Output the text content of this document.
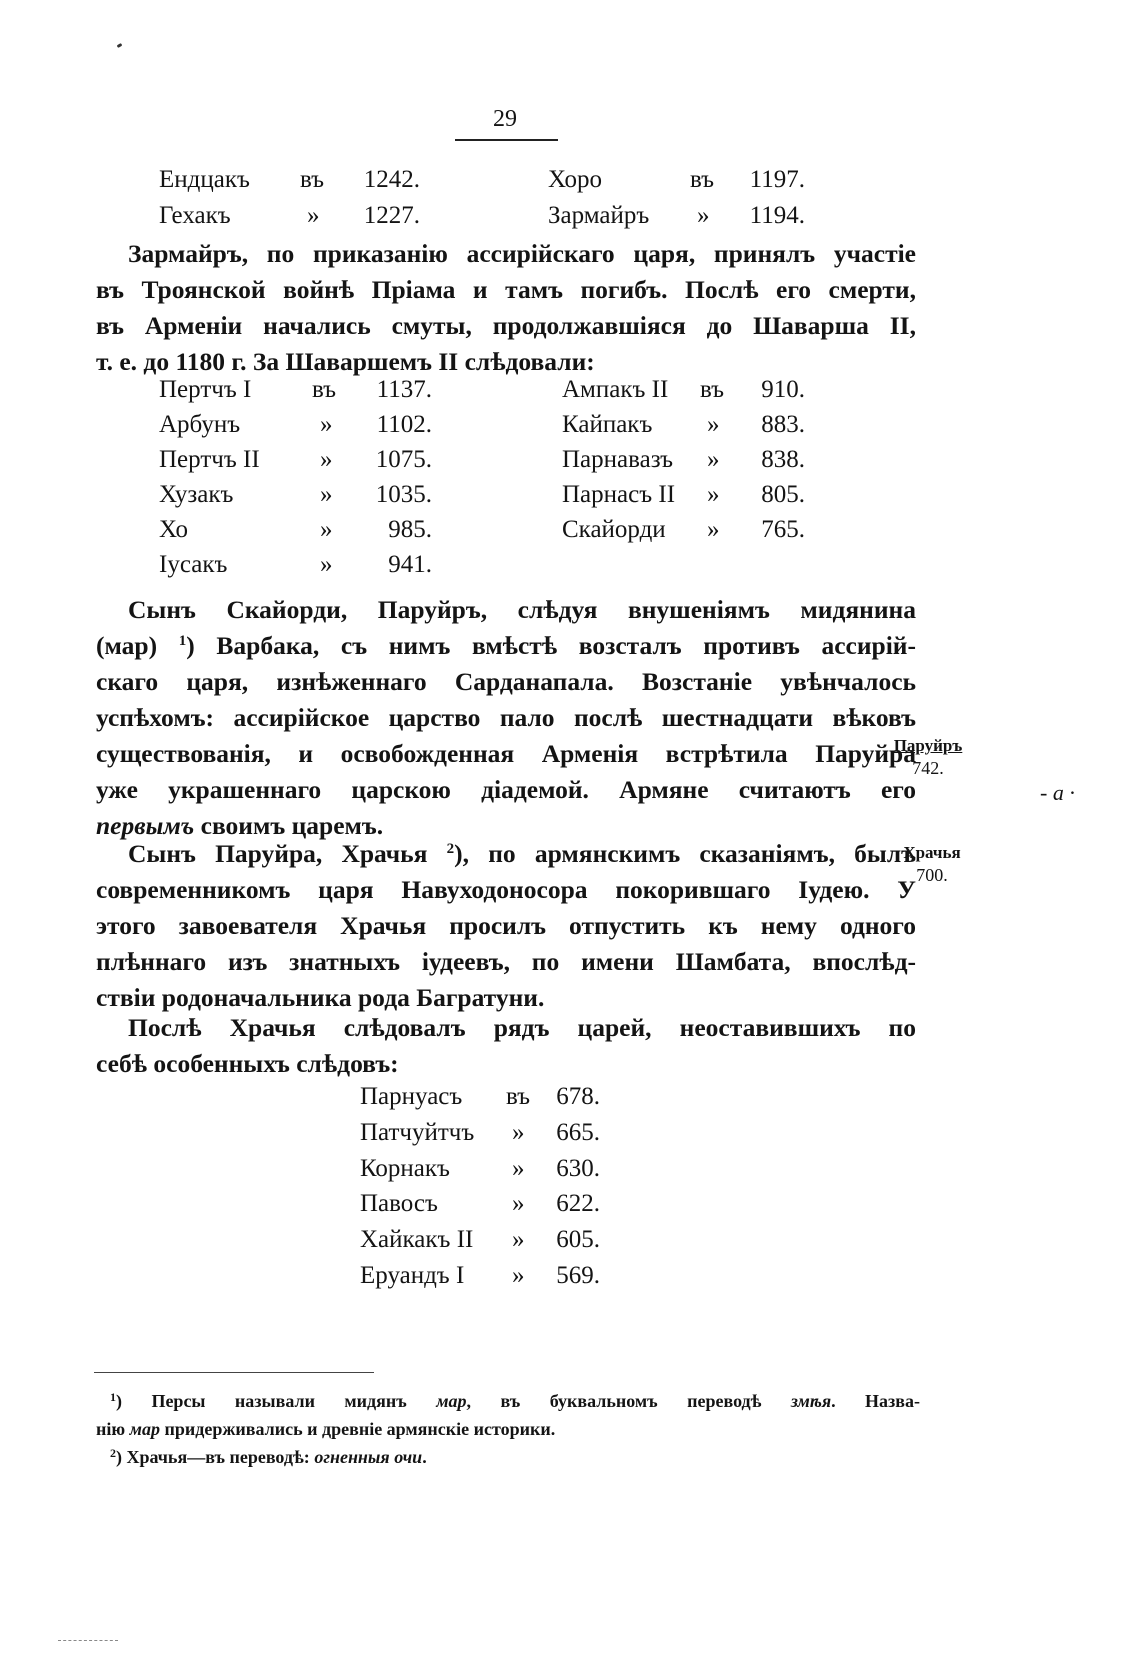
29
Ендцакъ въ	1242.	Хоро	въ	1197.
Гехакъ	»	1227.	Зармайръ »	1194.
Зармайръ, по приказанію ассирійскаго царя, принялъ участіе
въ Троянской войнѣ Пріама и тамъ погибъ. Послѣ его смерти,
въ Арменіи начались смуты, продолжавшіяся до Шаварша II,
т. е. до 1180 г. За Шаваршемъ II слѣдовали:
Пертчъ I въ	1137.	Ампакъ II въ	910.
Арбунъ	»	1102.	Кайпакъ »	883.
Пертчъ II »	1075.	Парнавазъ »	838.
Хузакъ	»	1035.	Парнасъ II »	805.
Хо	»	985.	Скайорди »	765.
Іусакъ	»	941.
Сынъ Скайорди, Паруйръ, слѣдуя внушеніямъ мидянина
(мар) $^1$) Варбака, съ нимъ вмѣстѣ возсталъ противъ ассирій-
скаго царя, изнѣженнаго Сарданапала. Возстаніе увѣнчалось
успѣхомъ: ассирійское царство пало послѣ шестнадцати вѣковъ
существованія, и освобожденная Арменія встрѣтила Паруйра
уже украшеннаго царскою діадемой. Армяне считаютъ его
первымъ своимъ царемъ.
Сынъ Паруйра, Храчья $^2$), по армянскимъ сказаніямъ, былъ
современникомъ царя Навуходоносора покорившаго Іудею. У
этого завоевателя Храчья просилъ отпустить къ нему одного
плѣннаго изъ знатныхъ іудеевъ, по имени Шамбата, впослѣд-
ствіи родоначальника рода Багратуни.
Послѣ Храчья слѣдовалъ рядъ царей, неоставившихъ по
себѣ особенныхъ слѣдовъ:
Парнуасъ въ	678.
Патчуйтчъ »	665.
Корнакъ »	630.
Павосъ	»	622.
Хайкакъ II »	605.
Еруандъ I »	569.
Паруйръ
742.
- а ·
Храчья
700.
$^1$) Персы называли мидянъ мар, въ буквальномъ переводѣ змѣя. Назва-
нію мар придерживались и древніе армянскіе историки.
$^2$) Храчья—въ переводѣ: огненныя очи.
